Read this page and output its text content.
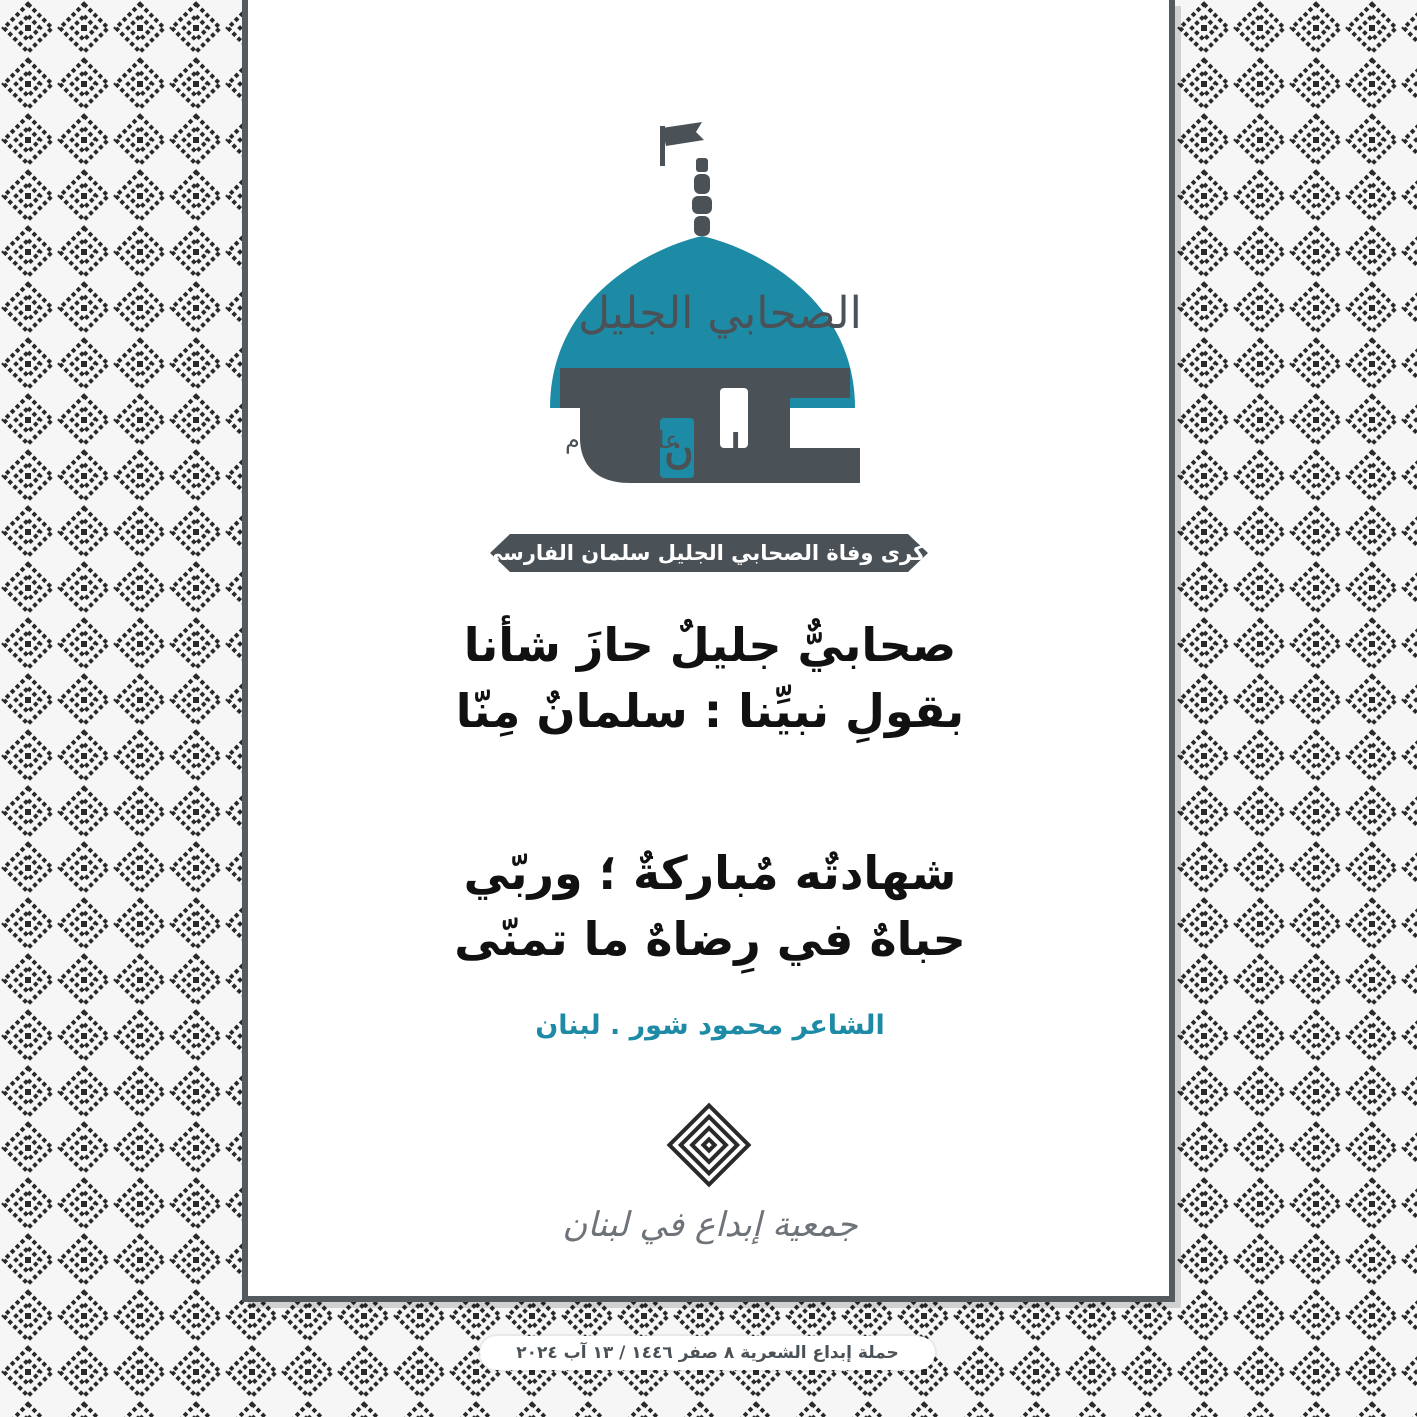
الصحابي الجليل
عليه السلام
سلمان
ذكرى وفاة الصحابي الجليل سلمان الفارسي
صحابيٌّ جليلٌ حازَ شأنا
بقولِ نبيِّنا : سلمانٌ مِنّا
شهادتٌه مٌباركةٌ ؛ وربّي
حباهٌ في رِضاهٌ ما تمنّى
الشاعر محمود شور . لبنان
جمعية إبداع في لبنان
حملة إبداع الشعرية ٨ صفر ١٤٤٦ / ١٣ آب ٢٠٢٤
